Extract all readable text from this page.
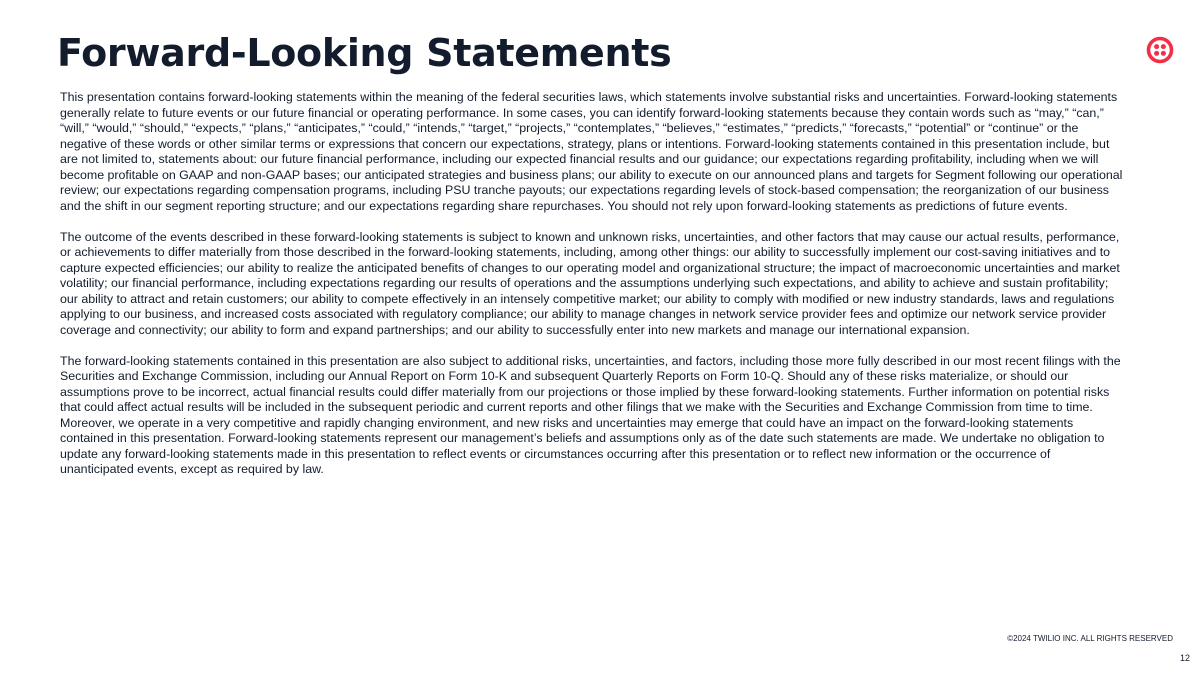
Forward-Looking Statements

This presentation contains forward-looking statements within the meaning of the federal securities laws, which statements involve substantial risks and uncertainties. Forward-looking statements generally relate to future events or our future financial or operating performance. In some cases, you can identify forward-looking statements because they contain words such as “may,” “can,” “will,” “would,” “should,” “expects,” “plans,” “anticipates,” “could,” “intends,” “target,” “projects,” “contemplates,” “believes,” “estimates,” “predicts,” “forecasts,” “potential” or “continue” or the negative of these words or other similar terms or expressions that concern our expectations, strategy, plans or intentions. Forward-looking statements contained in this presentation include, but are not limited to, statements about: our future financial performance, including our expected financial results and our guidance; our expectations regarding profitability, including when we will become profitable on GAAP and non-GAAP bases; our anticipated strategies and business plans; our ability to execute on our announced plans and targets for Segment following our operational review; our expectations regarding compensation programs, including PSU tranche payouts; our expectations regarding levels of stock-based compensation; the reorganization of our business and the shift in our segment reporting structure; and our expectations regarding share repurchases. You should not rely upon forward-looking statements as predictions of future events.

The outcome of the events described in these forward-looking statements is subject to known and unknown risks, uncertainties, and other factors that may cause our actual results, performance, or achievements to differ materially from those described in the forward-looking statements, including, among other things: our ability to successfully implement our cost-saving initiatives and to capture expected efficiencies; our ability to realize the anticipated benefits of changes to our operating model and organizational structure; the impact of macroeconomic uncertainties and market volatility; our financial performance, including expectations regarding our results of operations and the assumptions underlying such expectations, and ability to achieve and sustain profitability; our ability to attract and retain customers; our ability to compete effectively in an intensely competitive market; our ability to comply with modified or new industry standards, laws and regulations applying to our business, and increased costs associated with regulatory compliance; our ability to manage changes in network service provider fees and optimize our network service provider coverage and connectivity; our ability to form and expand partnerships; and our ability to successfully enter into new markets and manage our international expansion.

The forward-looking statements contained in this presentation are also subject to additional risks, uncertainties, and factors, including those more fully described in our most recent filings with the Securities and Exchange Commission, including our Annual Report on Form 10-K and subsequent Quarterly Reports on Form 10-Q. Should any of these risks materialize, or should our assumptions prove to be incorrect, actual financial results could differ materially from our projections or those implied by these forward-looking statements. Further information on potential risks that could affect actual results will be included in the subsequent periodic and current reports and other filings that we make with the Securities and Exchange Commission from time to time. Moreover, we operate in a very competitive and rapidly changing environment, and new risks and uncertainties may emerge that could have an impact on the forward-looking statements contained in this presentation. Forward-looking statements represent our management’s beliefs and assumptions only as of the date such statements are made. We undertake no obligation to update any forward-looking statements made in this presentation to reflect events or circumstances occurring after this presentation or to reflect new information or the occurrence of unanticipated events, except as required by law.

©2024 TWILIO INC. ALL RIGHTS RESERVED
12
